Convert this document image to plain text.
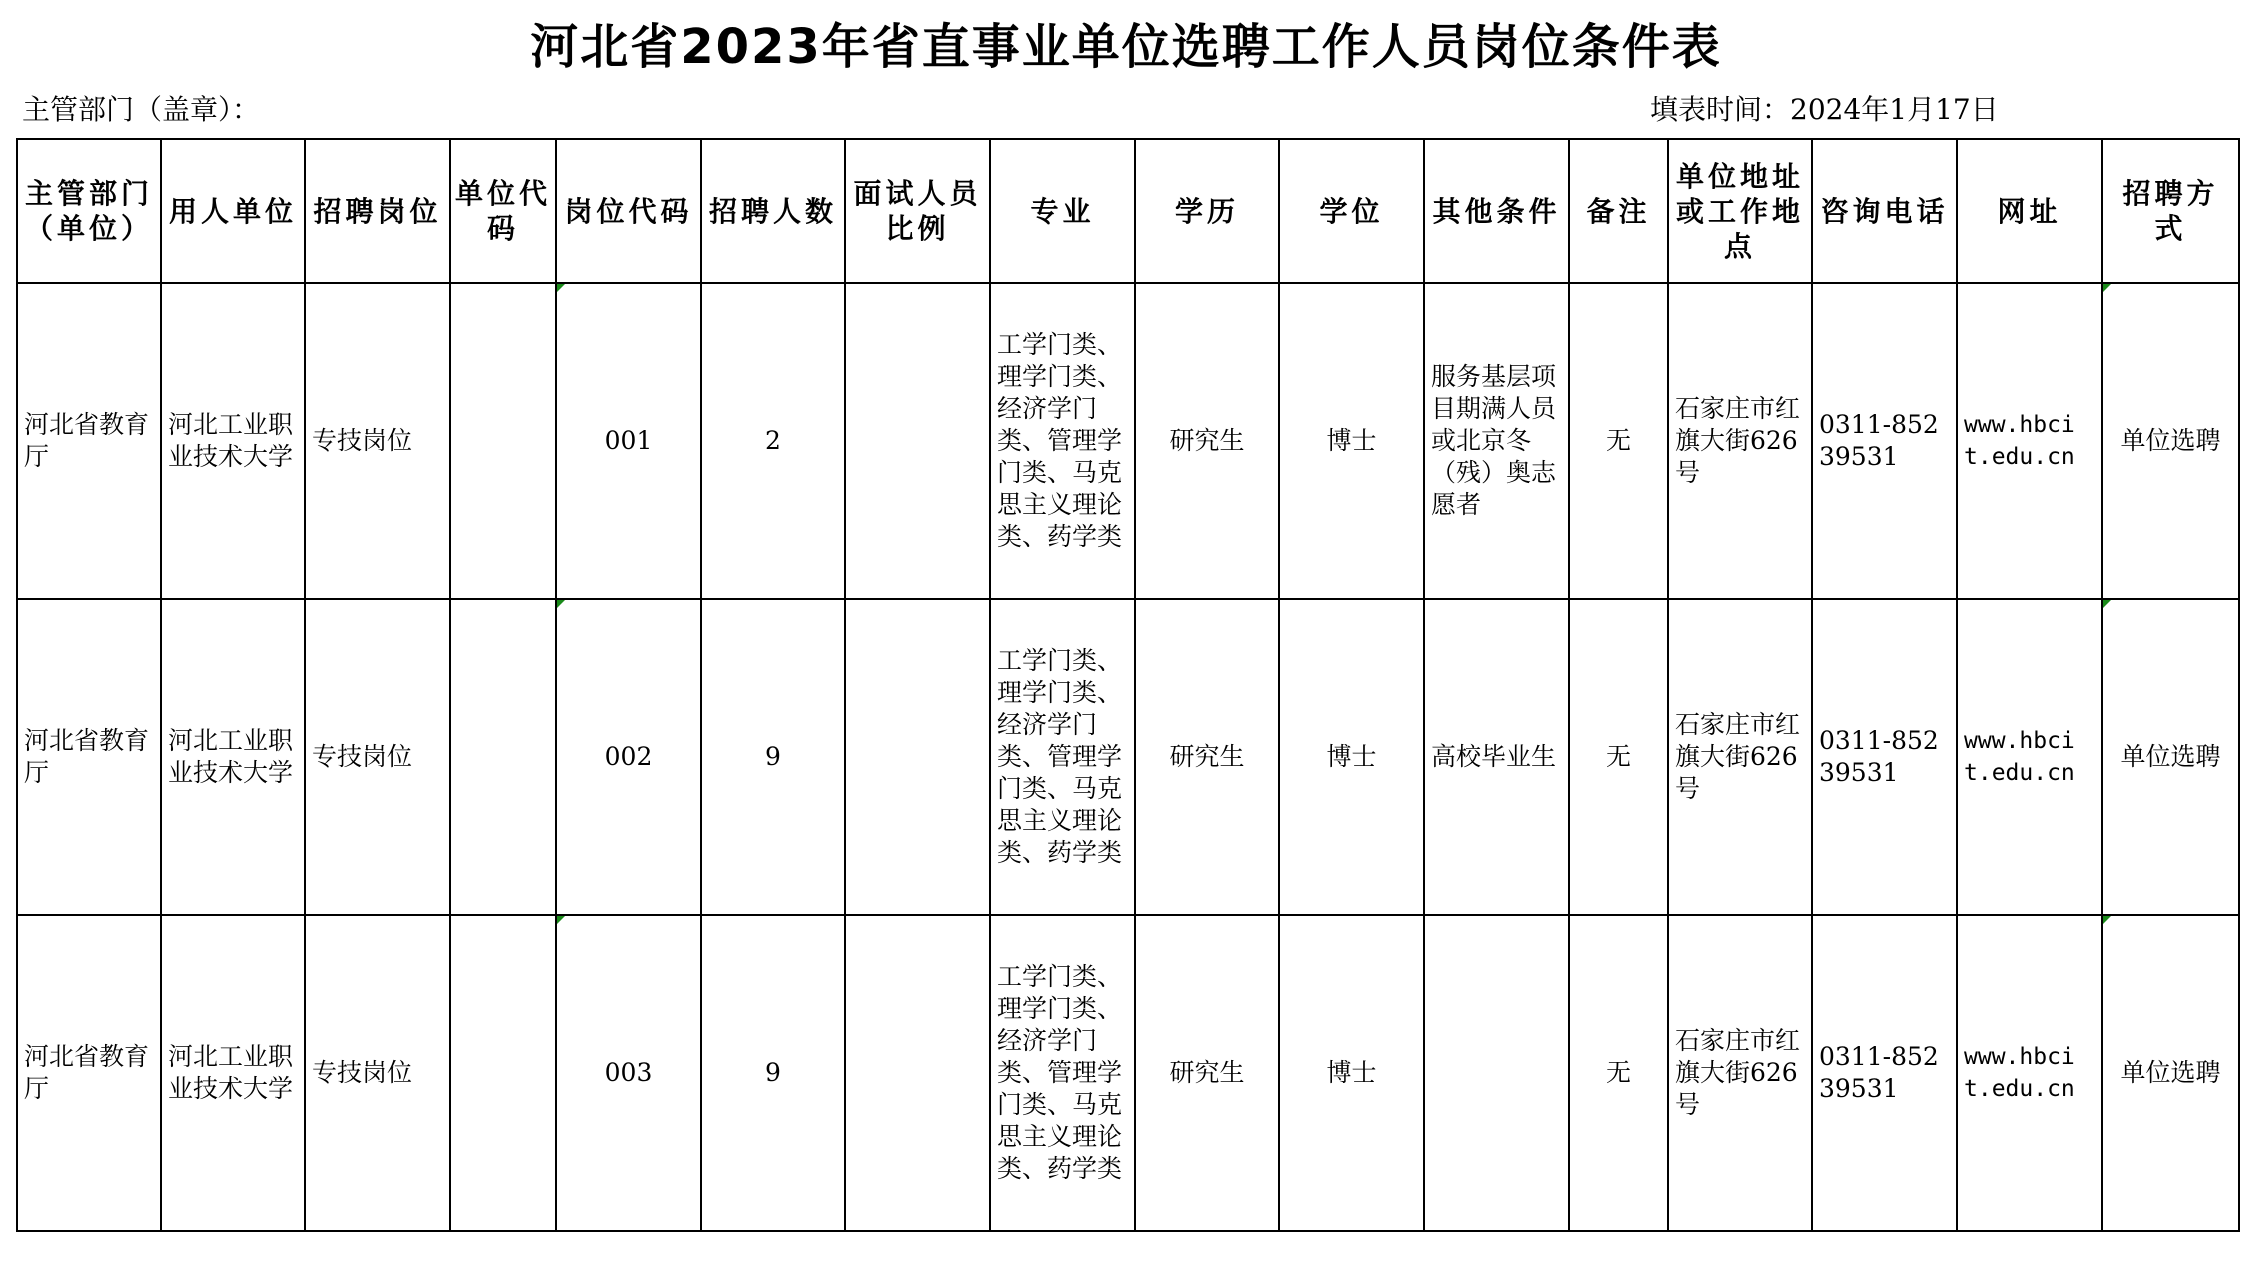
河北省2023年省直事业单位选聘工作人员岗位条件表
主管部门（盖章）：	填表时间：2024年1月17日
主管部门（单位）	用人单位	招聘岗位	单位代码	岗位代码	招聘人数	面试人员比例	专业	学历	学位	其他条件	备注	单位地址或工作地点	咨询电话	网址	招聘方式
河北省教育厅	河北工业职业技术大学	专技岗位		001	2		工学门类、理学门类、经济学门类、管理学门类、马克思主义理论类、药学类	研究生	博士	服务基层项目期满人员或北京冬（残）奥志愿者	无	石家庄市红旗大街626号	0311-85239531	www.hbcit.edu.cn	单位选聘
河北省教育厅	河北工业职业技术大学	专技岗位		002	9		工学门类、理学门类、经济学门类、管理学门类、马克思主义理论类、药学类	研究生	博士	高校毕业生	无	石家庄市红旗大街626号	0311-85239531	www.hbcit.edu.cn	单位选聘
河北省教育厅	河北工业职业技术大学	专技岗位		003	9		工学门类、理学门类、经济学门类、管理学门类、马克思主义理论类、药学类	研究生	博士		无	石家庄市红旗大街626号	0311-85239531	www.hbcit.edu.cn	单位选聘
